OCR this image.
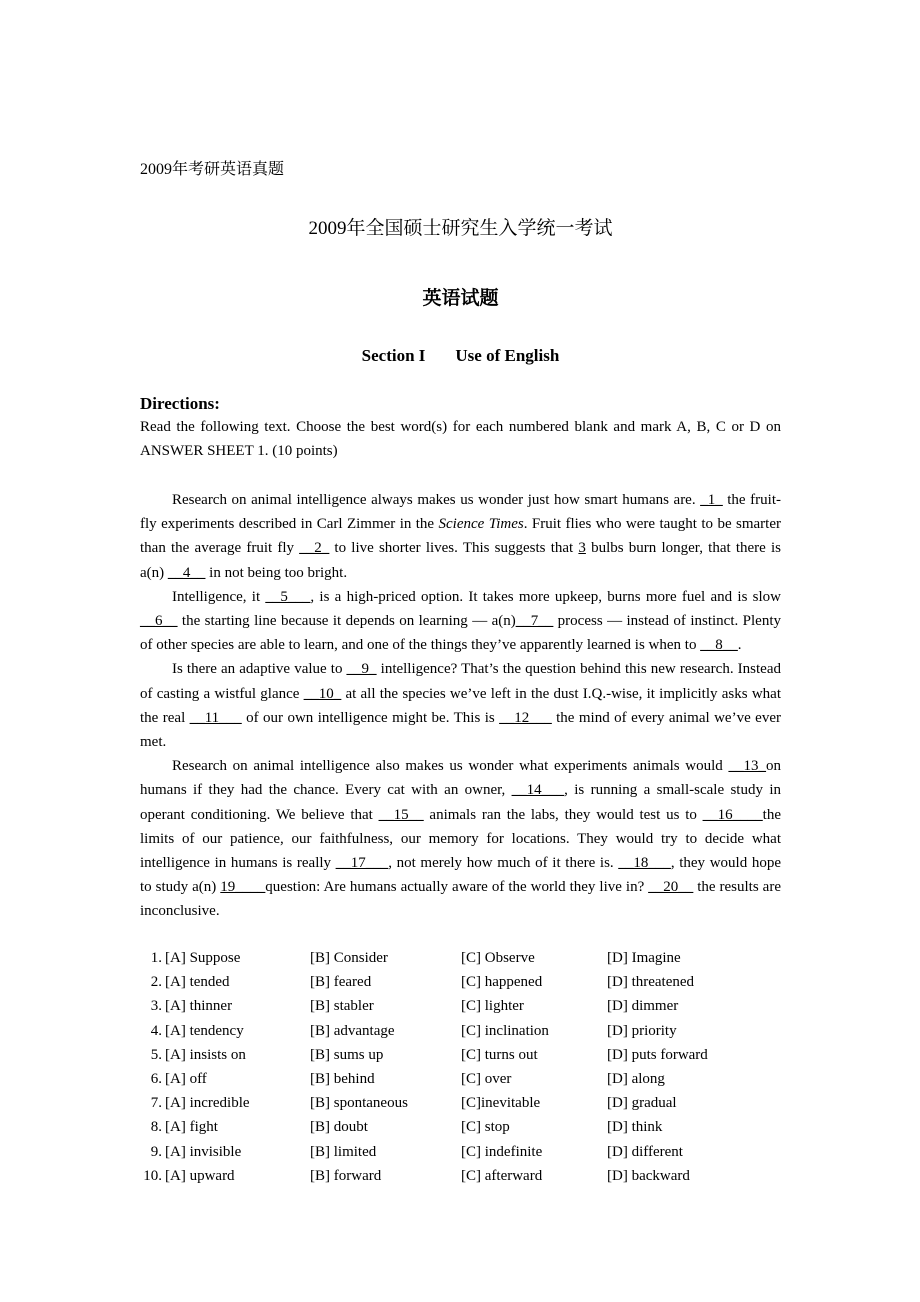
2009年考研英语真题
2009年全国硕士研究生入学统一考试
英语试题
Section I Use of English
Directions:
Read the following text. Choose the best word(s) for each numbered blank and mark A, B, C or D on ANSWER SHEET 1. (10 points)

Research on animal intelligence always makes us wonder just how smart humans are. _1_ the fruit-fly experiments described in Carl Zimmer in the Science Times. Fruit flies who were taught to be smarter than the average fruit fly __2_ to live shorter lives. This suggests that 3 bulbs burn longer, that there is a(n) __4__ in not being too bright.

Intelligence, it __5___, is a high-priced option. It takes more upkeep, burns more fuel and is slow __6__ the starting line because it depends on learning — a(n)__7__ process — instead of instinct. Plenty of other species are able to learn, and one of the things they’ve apparently learned is when to __8__.

Is there an adaptive value to __9_ intelligence? That’s the question behind this new research. Instead of casting a wistful glance __10_ at all the species we’ve left in the dust I.Q.-wise, it implicitly asks what the real __11___ of our own intelligence might be. This is __12___ the mind of every animal we’ve ever met.

Research on animal intelligence also makes us wonder what experiments animals would __13_on humans if they had the chance. Every cat with an owner, __14___, is running a small-scale study in operant conditioning. We believe that __15__ animals ran the labs, they would test us to __16____the limits of our patience, our faithfulness, our memory for locations. They would try to decide what intelligence in humans is really __17___, not merely how much of it there is. __18___, they would hope to study a(n) 19____question: Are humans actually aware of the world they live in? __20__ the results are inconclusive.

1. [A] Suppose	[B] Consider	[C] Observe	[D] Imagine
2. [A] tended	[B] feared	[C] happened	[D] threatened
3. [A] thinner	[B] stabler	[C] lighter	[D] dimmer
4. [A] tendency	[B] advantage	[C] inclination	[D] priority
5. [A] insists on	[B] sums up	[C] turns out	[D] puts forward
6. [A] off	[B] behind	[C] over	[D] along
7. [A] incredible	[B] spontaneous	[C]inevitable	[D] gradual
8. [A] fight	[B] doubt	[C] stop	[D] think
9. [A] invisible	[B] limited	[C] indefinite	[D] different
10. [A] upward	[B] forward	[C] afterward	[D] backward
